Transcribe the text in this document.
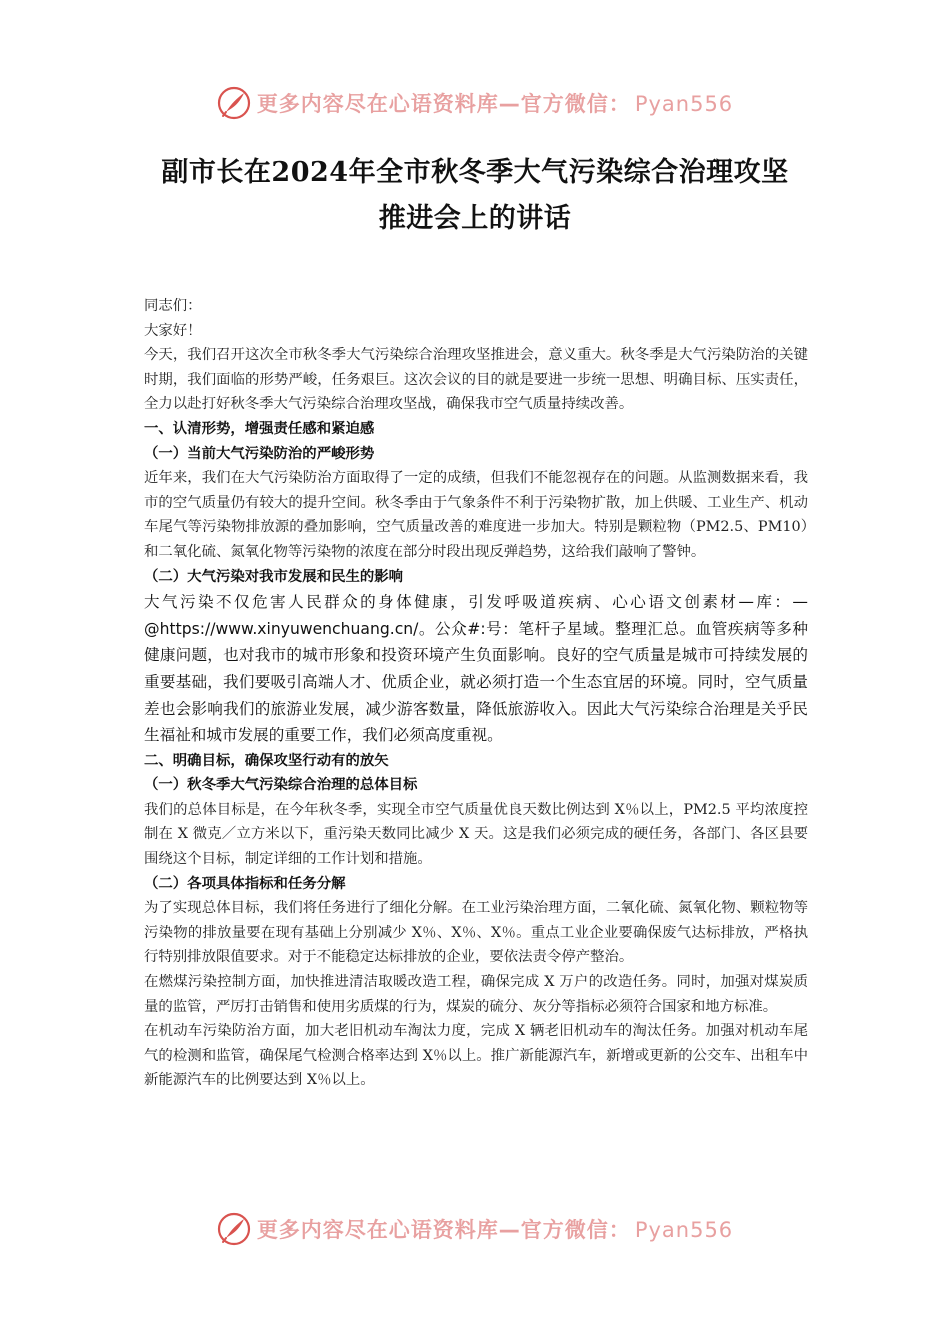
更多内容尽在心语资料库—官方微信： Pyan556
副市长在2024年全市秋冬季大气污染综合治理攻坚
推进会上的讲话

同志们：

大家好！

今天，我们召开这次全市秋冬季大气污染综合治理攻坚推进会，意义重大。秋冬季是大气污染防治的关键时期，我们面临的形势严峻，任务艰巨。这次会议的目的就是要进一步统一思想、明确目标、压实责任，全力以赴打好秋冬季大气污染综合治理攻坚战，确保我市空气质量持续改善。

一、认清形势，增强责任感和紧迫感

（一）当前大气污染防治的严峻形势

近年来，我们在大气污染防治方面取得了一定的成绩，但我们不能忽视存在的问题。从监测数据来看，我市的空气质量仍有较大的提升空间。秋冬季由于气象条件不利于污染物扩散，加上供暖、工业生产、机动车尾气等污染物排放源的叠加影响，空气质量改善的难度进一步加大。特别是颗粒物（PM2.5、PM10）和二氧化硫、氮氧化物等污染物的浓度在部分时段出现反弹趋势，这给我们敲响了警钟。

（二）大气污染对我市发展和民生的影响

大气污染不仅危害人民群众的身体健康，引发呼吸道疾病、心心语文创素材—库：—@https://www.xinyuwenchuang.cn/。公众#:号：笔杆子星域。整理汇总。血管疾病等多种健康问题，也对我市的城市形象和投资环境产生负面影响。良好的空气质量是城市可持续发展的重要基础，我们要吸引高端人才、优质企业，就必须打造一个生态宜居的环境。同时，空气质量差也会影响我们的旅游业发展，减少游客数量，降低旅游收入。因此大气污染综合治理是关乎民生福祉和城市发展的重要工作，我们必须高度重视。

二、明确目标，确保攻坚行动有的放矢

（一）秋冬季大气污染综合治理的总体目标

我们的总体目标是，在今年秋冬季，实现全市空气质量优良天数比例达到 X％以上，PM2.5 平均浓度控制在 X 微克／立方米以下，重污染天数同比减少 X 天。这是我们必须完成的硬任务，各部门、各区县要围绕这个目标，制定详细的工作计划和措施。

（二）各项具体指标和任务分解

为了实现总体目标，我们将任务进行了细化分解。在工业污染治理方面，二氧化硫、氮氧化物、颗粒物等污染物的排放量要在现有基础上分别减少 X％、X％、X％。重点工业企业要确保废气达标排放，严格执行特别排放限值要求。对于不能稳定达标排放的企业，要依法责令停产整治。

在燃煤污染控制方面，加快推进清洁取暖改造工程，确保完成 X 万户的改造任务。同时，加强对煤炭质量的监管，严厉打击销售和使用劣质煤的行为，煤炭的硫分、灰分等指标必须符合国家和地方标准。

在机动车污染防治方面，加大老旧机动车淘汰力度，完成 X 辆老旧机动车的淘汰任务。加强对机动车尾气的检测和监管，确保尾气检测合格率达到 X％以上。推广新能源汽车，新增或更新的公交车、出租车中新能源汽车的比例要达到 X％以上。

更多内容尽在心语资料库—官方微信： Pyan556
